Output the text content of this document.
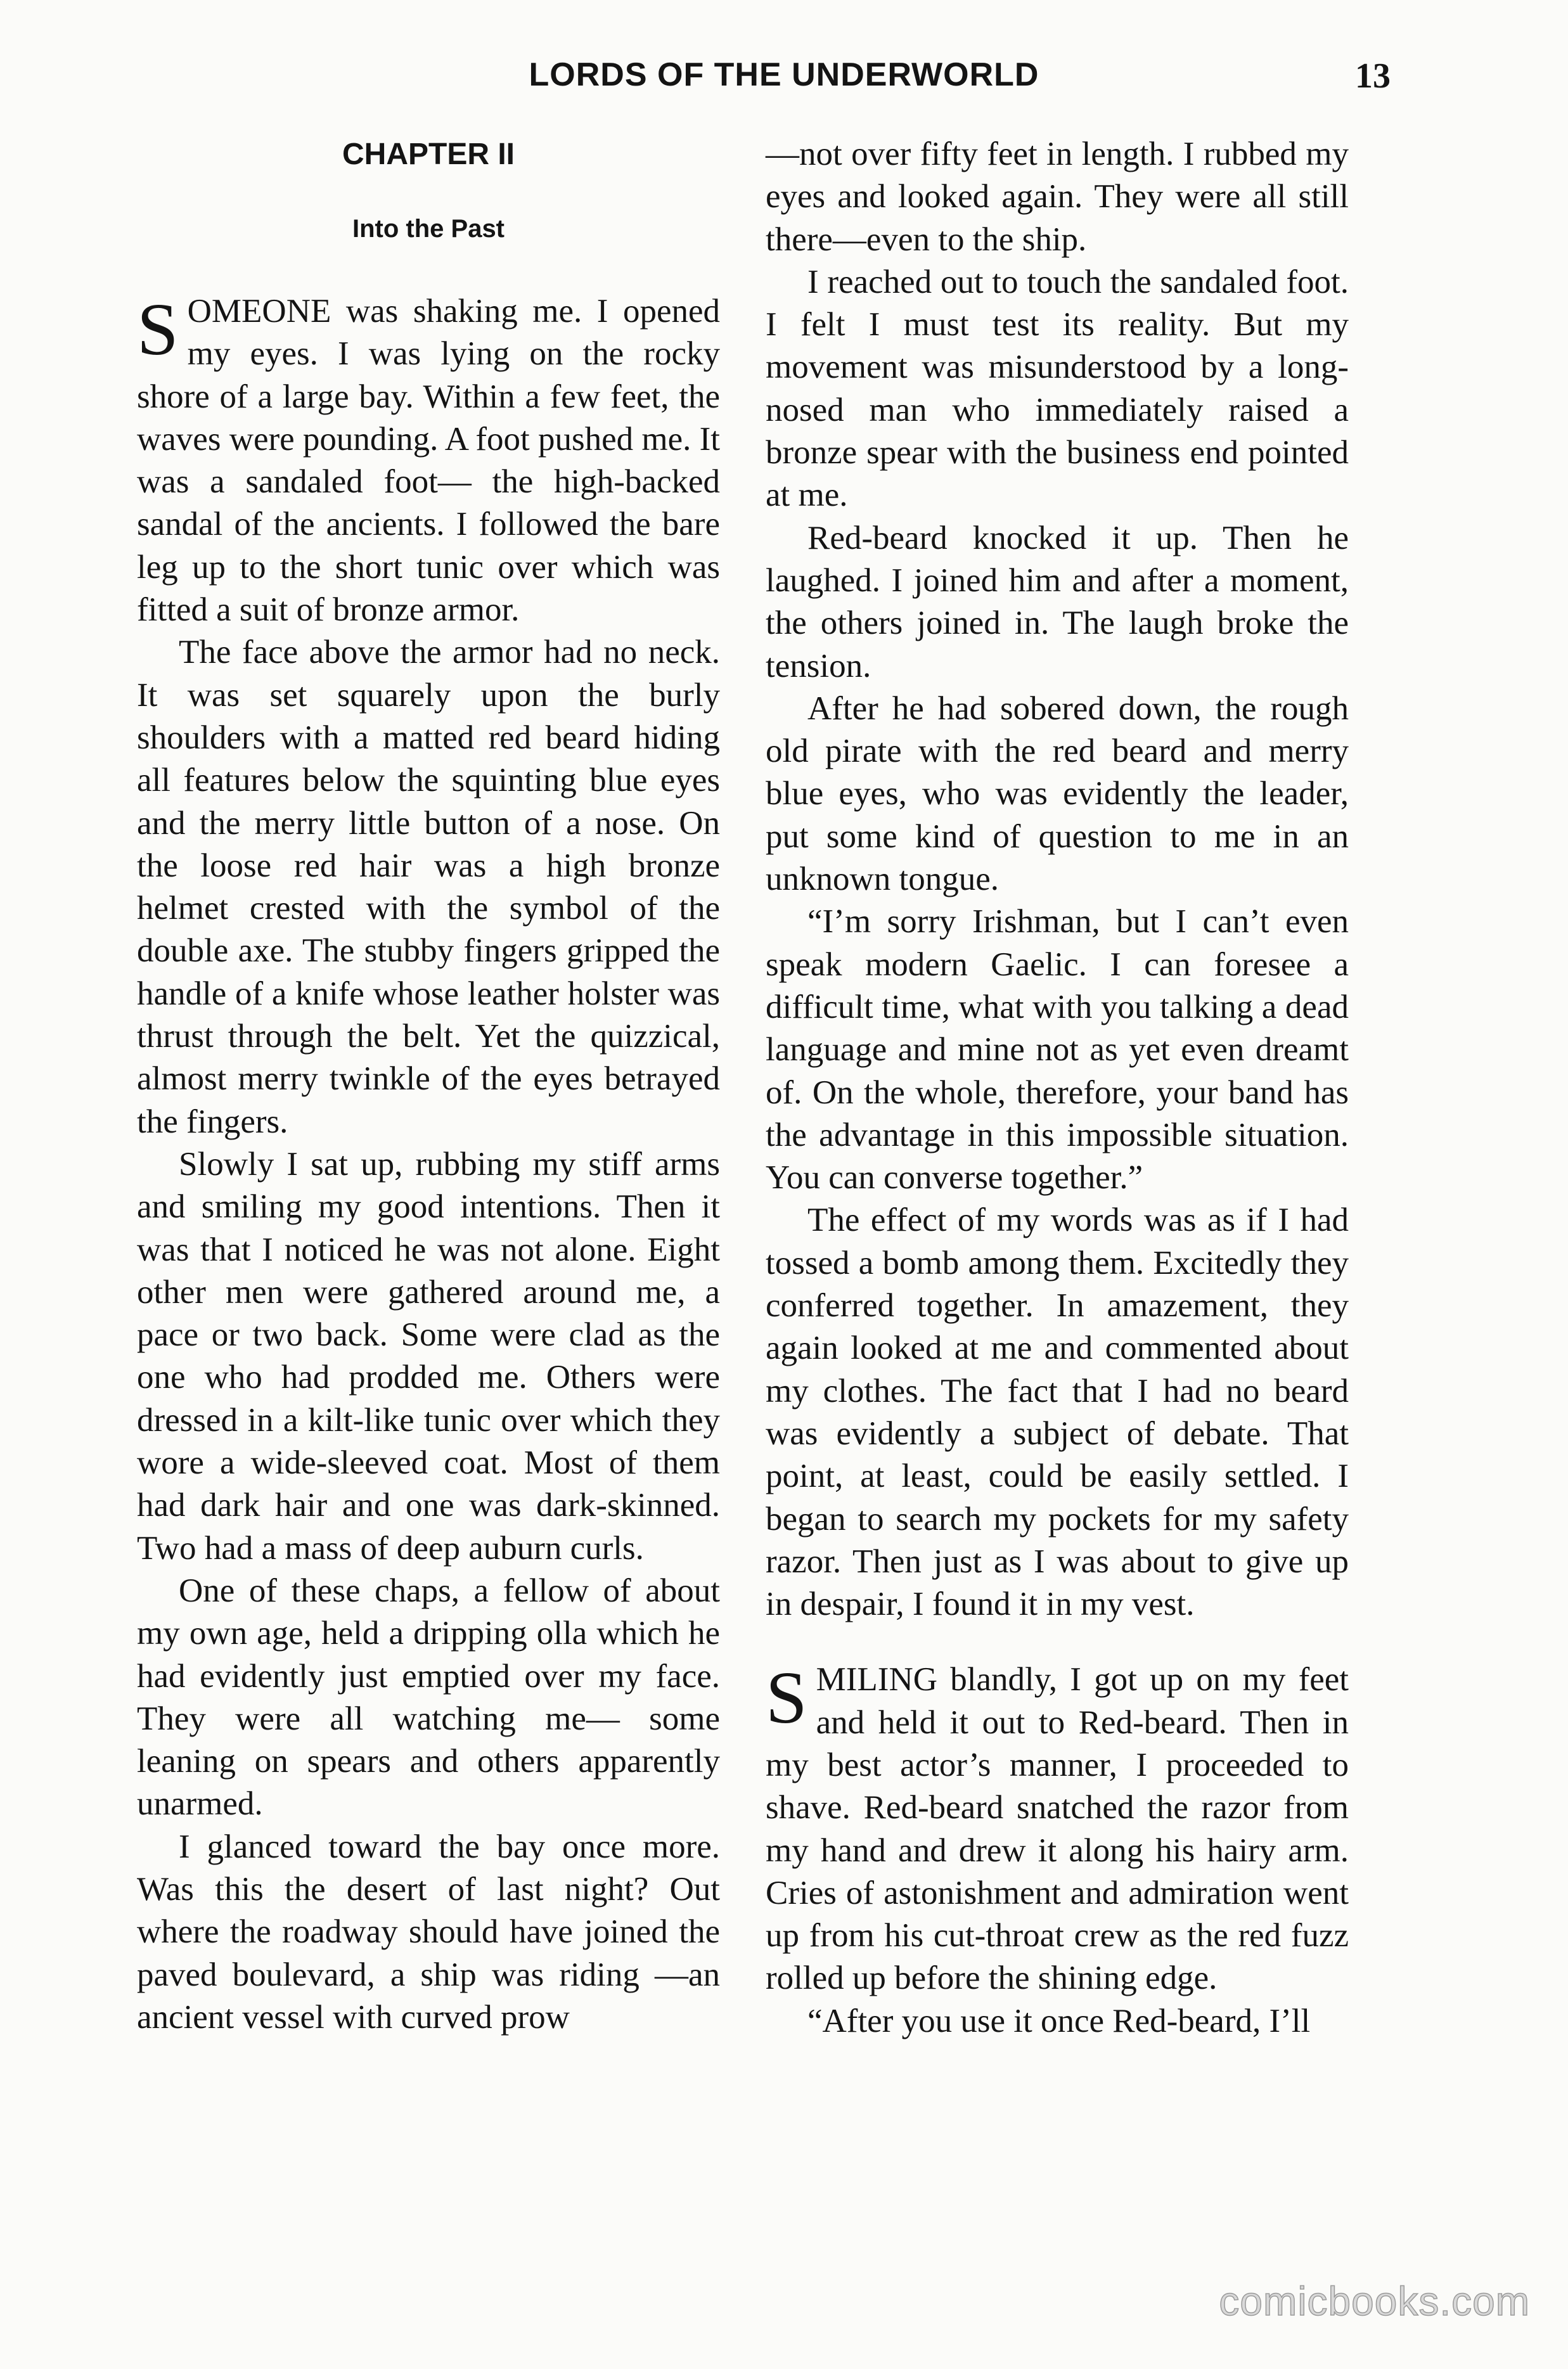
LORDS OF THE UNDERWORLD	13
CHAPTER II
Into the Past

SOMEONE was shaking me. I opened my eyes. I was lying on the rocky shore of a large bay. Within a few feet, the waves were pounding. A foot pushed me. It was a sandaled foot— the high-backed sandal of the ancients. I followed the bare leg up to the short tunic over which was fitted a suit of bronze armor.

The face above the armor had no neck. It was set squarely upon the burly shoulders with a matted red beard hiding all features below the squinting blue eyes and the merry little button of a nose. On the loose red hair was a high bronze helmet crested with the symbol of the double axe. The stubby fingers gripped the handle of a knife whose leather holster was thrust through the belt. Yet the quizzical, almost merry twinkle of the eyes betrayed the fingers.

Slowly I sat up, rubbing my stiff arms and smiling my good intentions. Then it was that I noticed he was not alone. Eight other men were gathered around me, a pace or two back. Some were clad as the one who had prodded me. Others were dressed in a kilt-like tunic over which they wore a wide-sleeved coat. Most of them had dark hair and one was dark-skinned. Two had a mass of deep auburn curls.

One of these chaps, a fellow of about my own age, held a dripping olla which he had evidently just emptied over my face. They were all watching me— some leaning on spears and others apparently unarmed.

I glanced toward the bay once more. Was this the desert of last night? Out where the roadway should have joined the paved boulevard, a ship was riding —an ancient vessel with curved prow

—not over fifty feet in length. I rubbed my eyes and looked again. They were all still there—even to the ship.

I reached out to touch the sandaled foot. I felt I must test its reality. But my movement was misunderstood by a long-nosed man who immediately raised a bronze spear with the business end pointed at me.

Red-beard knocked it up. Then he laughed. I joined him and after a moment, the others joined in. The laugh broke the tension.

After he had sobered down, the rough old pirate with the red beard and merry blue eyes, who was evidently the leader, put some kind of question to me in an unknown tongue.

“I’m sorry Irishman, but I can’t even speak modern Gaelic. I can foresee a difficult time, what with you talking a dead language and mine not as yet even dreamt of. On the whole, therefore, your band has the advantage in this impossible situation. You can converse together.”

The effect of my words was as if I had tossed a bomb among them. Excitedly they conferred together. In amazement, they again looked at me and commented about my clothes. The fact that I had no beard was evidently a subject of debate. That point, at least, could be easily settled. I began to search my pockets for my safety razor. Then just as I was about to give up in despair, I found it in my vest.

SMILING blandly, I got up on my feet and held it out to Red-beard. Then in my best actor’s manner, I proceeded to shave. Red-beard snatched the razor from my hand and drew it along his hairy arm. Cries of astonishment and admiration went up from his cut-throat crew as the red fuzz rolled up before the shining edge.

“After you use it once Red-beard, I’ll

comicbooks.com
